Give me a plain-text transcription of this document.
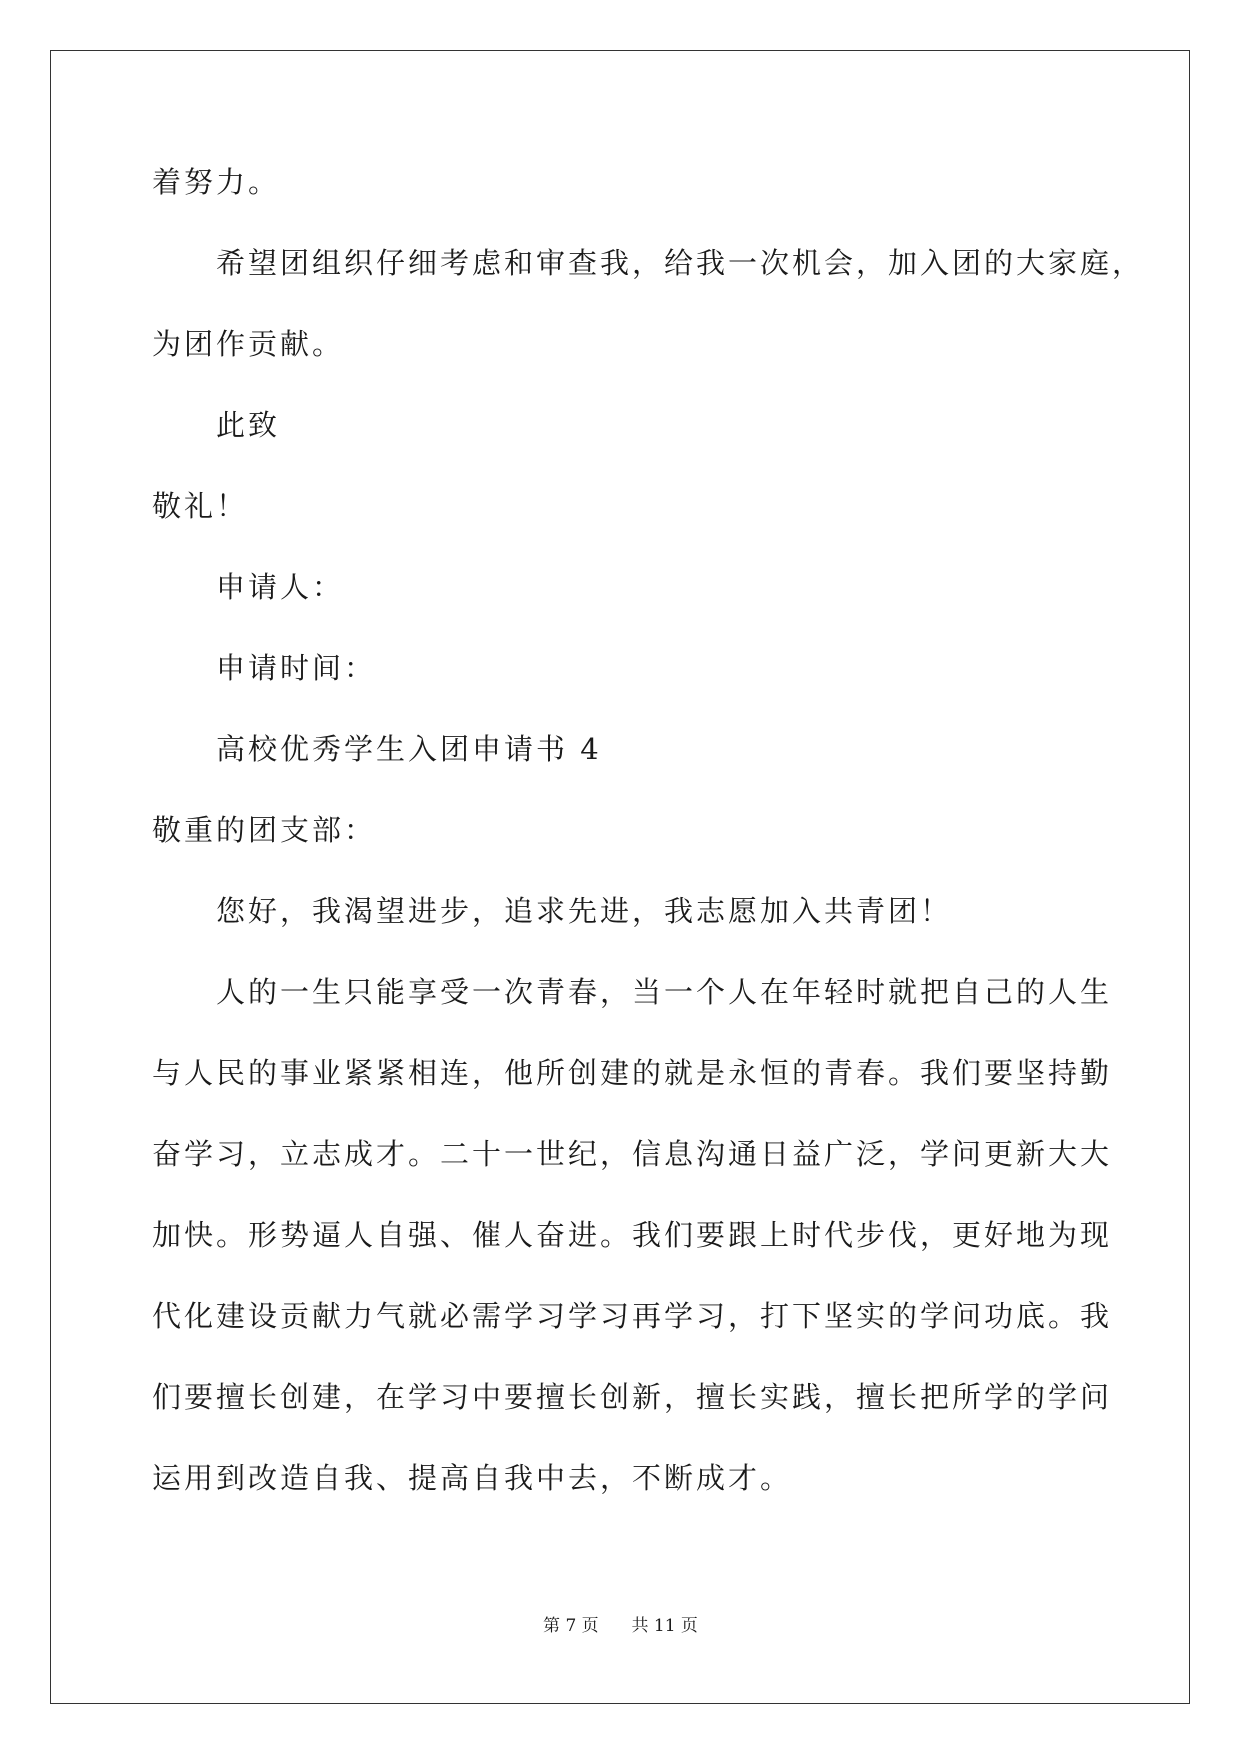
着努力。
希望团组织仔细考虑和审查我，给我一次机会，加入团的大家庭，
为团作贡献。
此致
敬礼！
申请人：
申请时间：
高校优秀学生入团申请书 4
敬重的团支部：
您好，我渴望进步，追求先进，我志愿加入共青团！
人的一生只能享受一次青春，当一个人在年轻时就把自己的人生
与人民的事业紧紧相连，他所创建的就是永恒的青春。我们要坚持勤
奋学习，立志成才。二十一世纪，信息沟通日益广泛，学问更新大大
加快。形势逼人自强、催人奋进。我们要跟上时代步伐，更好地为现
代化建设贡献力气就必需学习学习再学习，打下坚实的学问功底。我
们要擅长创建，在学习中要擅长创新，擅长实践，擅长把所学的学问
运用到改造自我、提高自我中去，不断成才。
第 7 页 共 11 页
